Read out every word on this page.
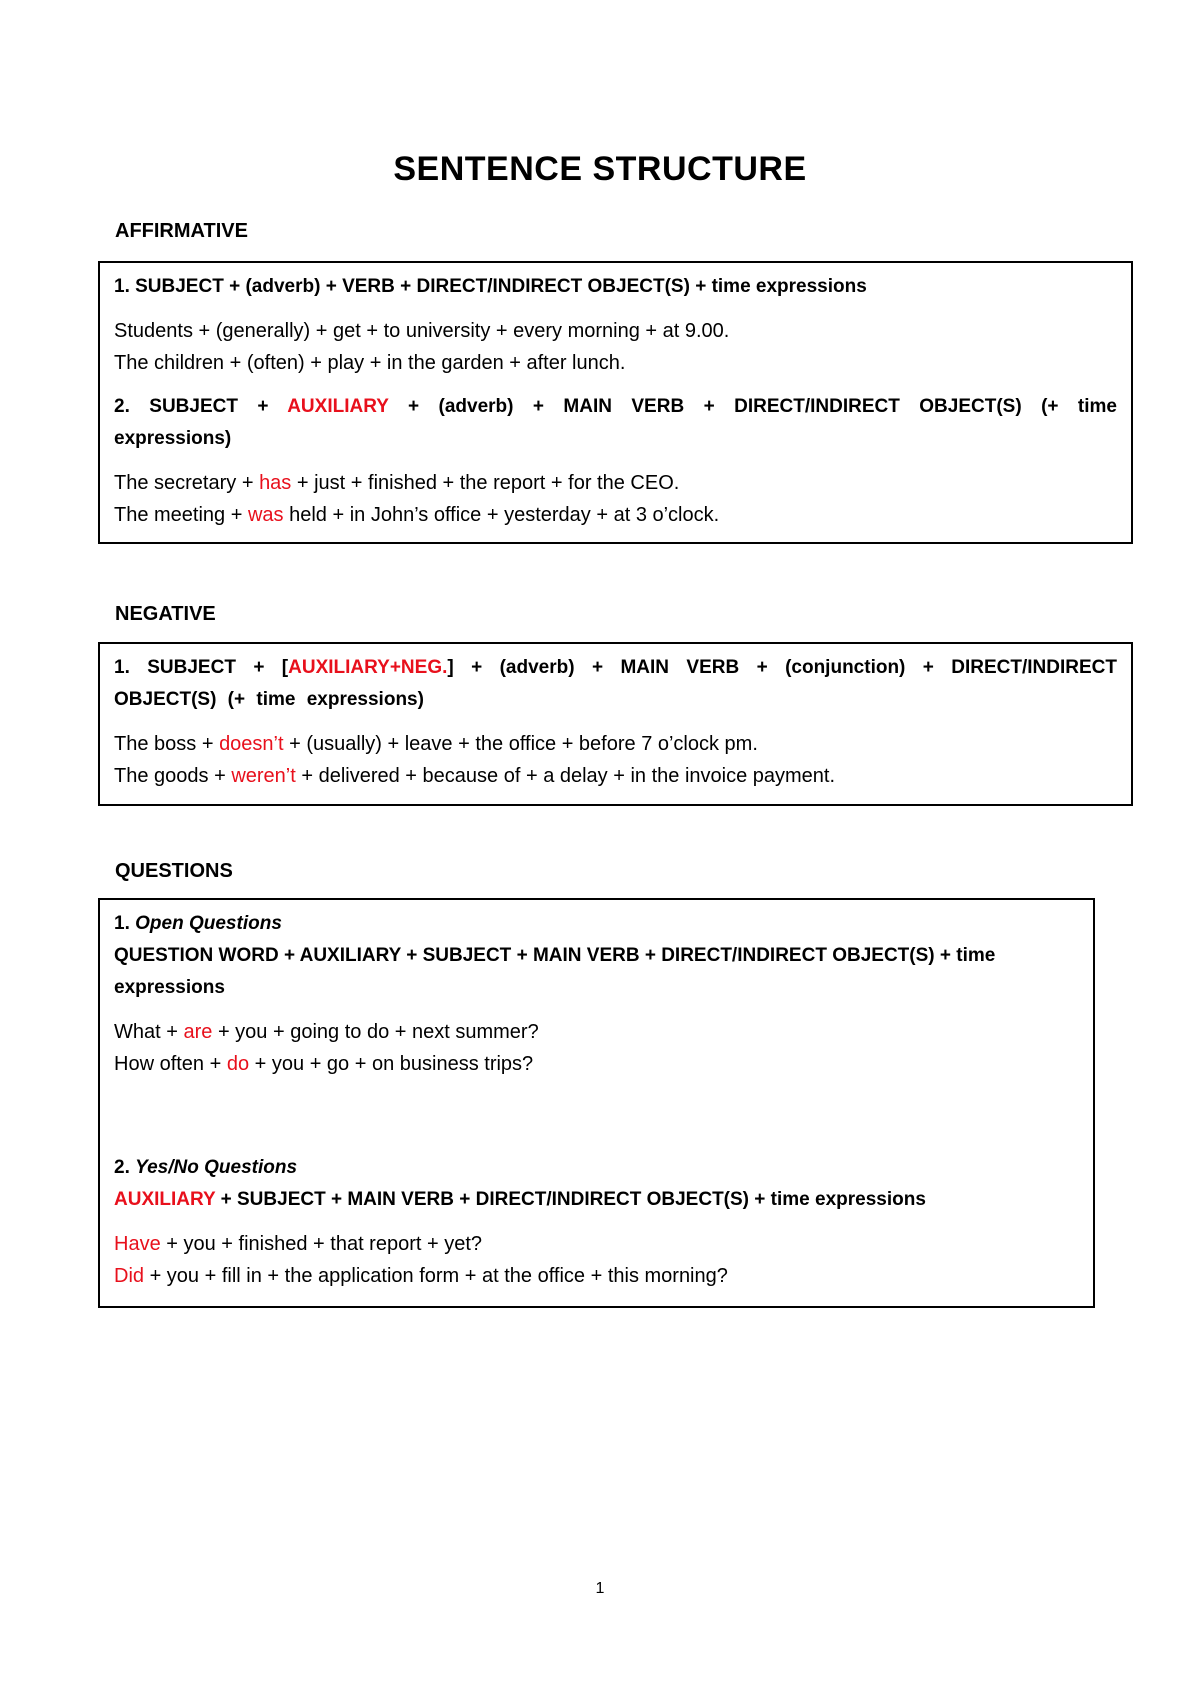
SENTENCE STRUCTURE
AFFIRMATIVE

1. SUBJECT + (adverb) + VERB + DIRECT/INDIRECT OBJECT(S) + time expressions

Students + (generally) + get + to university + every morning + at 9.00.
The children + (often) + play + in the garden + after lunch.

2. SUBJECT + AUXILIARY + (adverb) + MAIN VERB + DIRECT/INDIRECT OBJECT(S) (+ time expressions)

The secretary + has + just + finished + the report + for the CEO.
The meeting + was held + in John’s office + yesterday + at 3 o’clock.
NEGATIVE

1. SUBJECT + [AUXILIARY+NEG.] + (adverb) + MAIN VERB + (conjunction) + DIRECT/INDIRECT OBJECT(S) (+ time expressions)

The boss + doesn’t + (usually) + leave + the office + before 7 o’clock pm.
The goods + weren’t + delivered + because of + a delay + in the invoice payment.
QUESTIONS

1. Open Questions

QUESTION WORD + AUXILIARY + SUBJECT + MAIN VERB + DIRECT/INDIRECT OBJECT(S) + time expressions

What + are + you + going to do + next summer?
How often + do + you + go + on business trips?

2. Yes/No Questions

AUXILIARY + SUBJECT + MAIN VERB + DIRECT/INDIRECT OBJECT(S) + time expressions

Have + you + finished + that report + yet?
Did + you + fill in + the application form + at the office + this morning?
1
